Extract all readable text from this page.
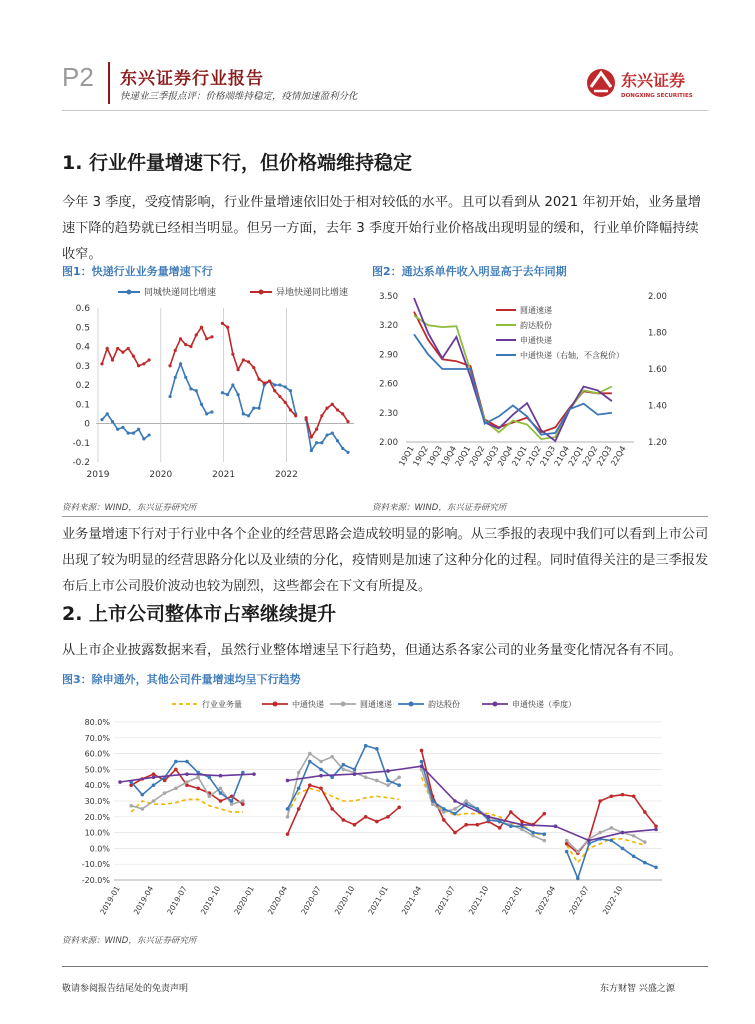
P2 东兴证券行业报告
快递业三季报点评：价格端维持稳定，疫情加速盈利分化
东兴证券
DONGXING SECURITIES
1. 行业件量增速下行，但价格端维持稳定
今年 3 季度，受疫情影响，行业件量增速依旧处于相对较低的水平。且可以看到从 2021 年初开始，业务量增速下降的趋势就已经相当明显。但另一方面，去年 3 季度开始行业价格战出现明显的缓和，行业单价降幅持续收窄。
图1：快递行业业务量增速下行
0.6
0.5
0.4
0.3
0.2
0.1
0
-0.1
-0.2
2019	2020	2021	2022
同城快递同比增速	异地快递同比增速
资料来源：WIND，东兴证券研究所
图2：通达系单件收入明显高于去年同期
3.50
3.20
2.90
2.60
2.30
2.00
2.00
1.80
1.60
1.40
1.20
19Q1
19Q2
19Q3
19Q4
20Q1
20Q2
20Q3
20Q4
21Q1
21Q2
21Q3
21Q4
22Q1
22Q2
22Q3
22Q4
圆通速递
韵达股份
申通快递
中通快递（右轴，不含税价）
资料来源：WIND，东兴证券研究所
业务量增速下行对于行业中各个企业的经营思路会造成较明显的影响。从三季报的表现中我们可以看到上市公司出现了较为明显的经营思路分化以及业绩的分化，疫情则是加速了这种分化的过程。同时值得关注的是三季报发布后上市公司股价波动也较为剧烈，这些都会在下文有所提及。
2. 上市公司整体市占率继续提升
从上市企业披露数据来看，虽然行业整体增速呈下行趋势，但通达系各家公司的业务量变化情况各有不同。
图3：除申通外，其他公司件量增速均呈下行趋势
80.0%
70.0%
60.0%
50.0%
40.0%
30.0%
20.0%
10.0%
0.0%
-10.0%
-20.0%
2019-01 2019-04 2019-07 2019-10 2020-01 2020-04 2020-07 2020-10 2021-01 2021-04 2021-07 2021-10 2022-01 2022-04 2022-07 2022-10
行业业务量	中通快递	圆通速递	韵达股份	申通快递（季度）
资料来源：WIND，东兴证券研究所
敬请参阅报告结尾处的免责声明	东方财智 兴盛之源
